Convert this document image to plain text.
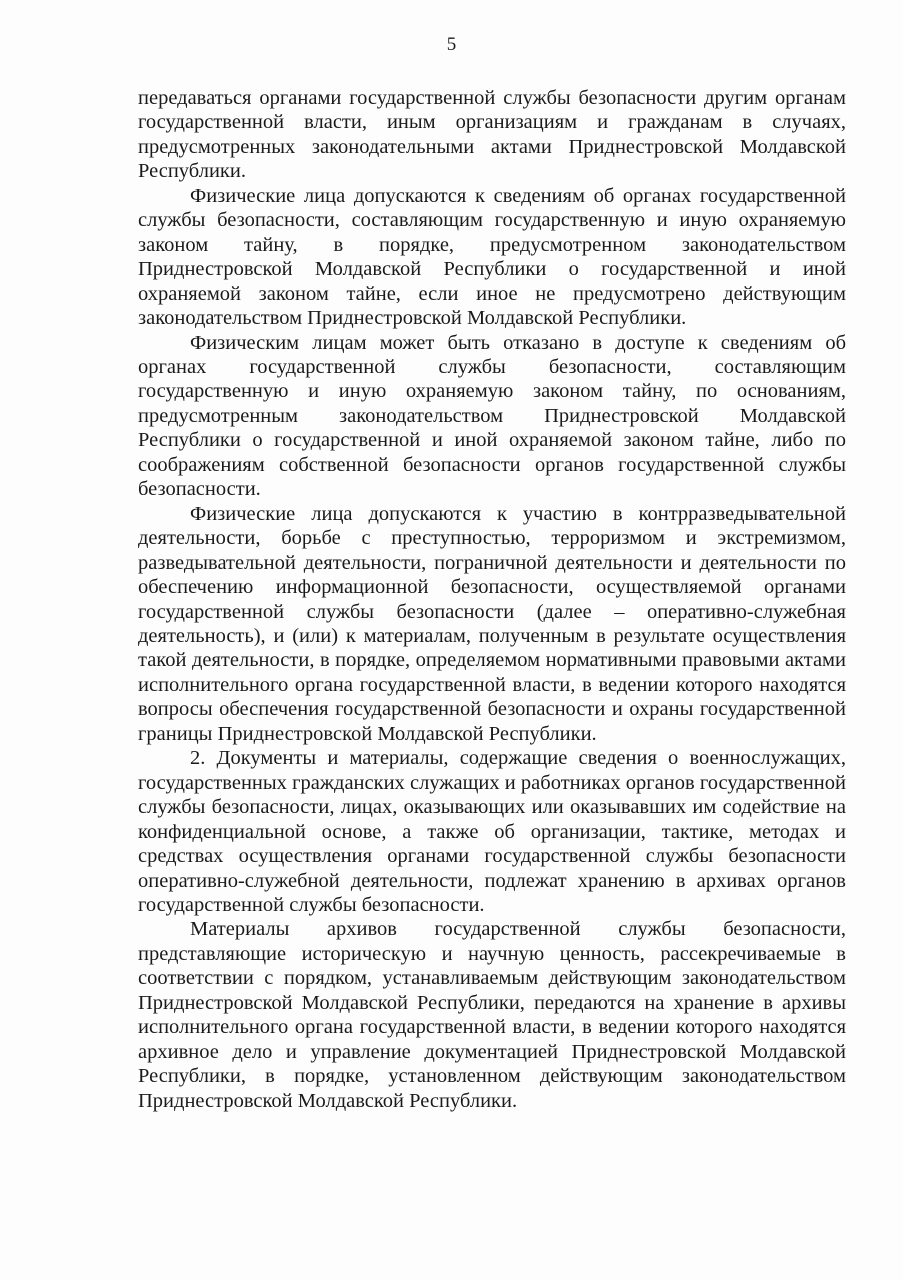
5

передаваться органами государственной службы безопасности другим органам государственной власти, иным организациям и гражданам в случаях, предусмотренных законодательными актами Приднестровской Молдавской Республики.

Физические лица допускаются к сведениям об органах государственной службы безопасности, составляющим государственную и иную охраняемую законом тайну, в порядке, предусмотренном законодательством Приднестровской Молдавской Республики о государственной и иной охраняемой законом тайне, если иное не предусмотрено действующим законодательством Приднестровской Молдавской Республики.

Физическим лицам может быть отказано в доступе к сведениям об органах государственной службы безопасности, составляющим государственную и иную охраняемую законом тайну, по основаниям, предусмотренным законодательством Приднестровской Молдавской Республики о государственной и иной охраняемой законом тайне, либо по соображениям собственной безопасности органов государственной службы безопасности.

Физические лица допускаются к участию в контрразведывательной деятельности, борьбе с преступностью, терроризмом и экстремизмом, разведывательной деятельности, пограничной деятельности и деятельности по обеспечению информационной безопасности, осуществляемой органами государственной службы безопасности (далее – оперативно-служебная деятельность), и (или) к материалам, полученным в результате осуществления такой деятельности, в порядке, определяемом нормативными правовыми актами исполнительного органа государственной власти, в ведении которого находятся вопросы обеспечения государственной безопасности и охраны государственной границы Приднестровской Молдавской Республики.

2. Документы и материалы, содержащие сведения о военнослужащих, государственных гражданских служащих и работниках органов государственной службы безопасности, лицах, оказывающих или оказывавших им содействие на конфиденциальной основе, а также об организации, тактике, методах и средствах осуществления органами государственной службы безопасности оперативно-служебной деятельности, подлежат хранению в архивах органов государственной службы безопасности.

Материалы архивов государственной службы безопасности, представляющие историческую и научную ценность, рассекречиваемые в соответствии с порядком, устанавливаемым действующим законодательством Приднестровской Молдавской Республики, передаются на хранение в архивы исполнительного органа государственной власти, в ведении которого находятся архивное дело и управление документацией Приднестровской Молдавской Республики, в порядке, установленном действующим законодательством Приднестровской Молдавской Республики.
